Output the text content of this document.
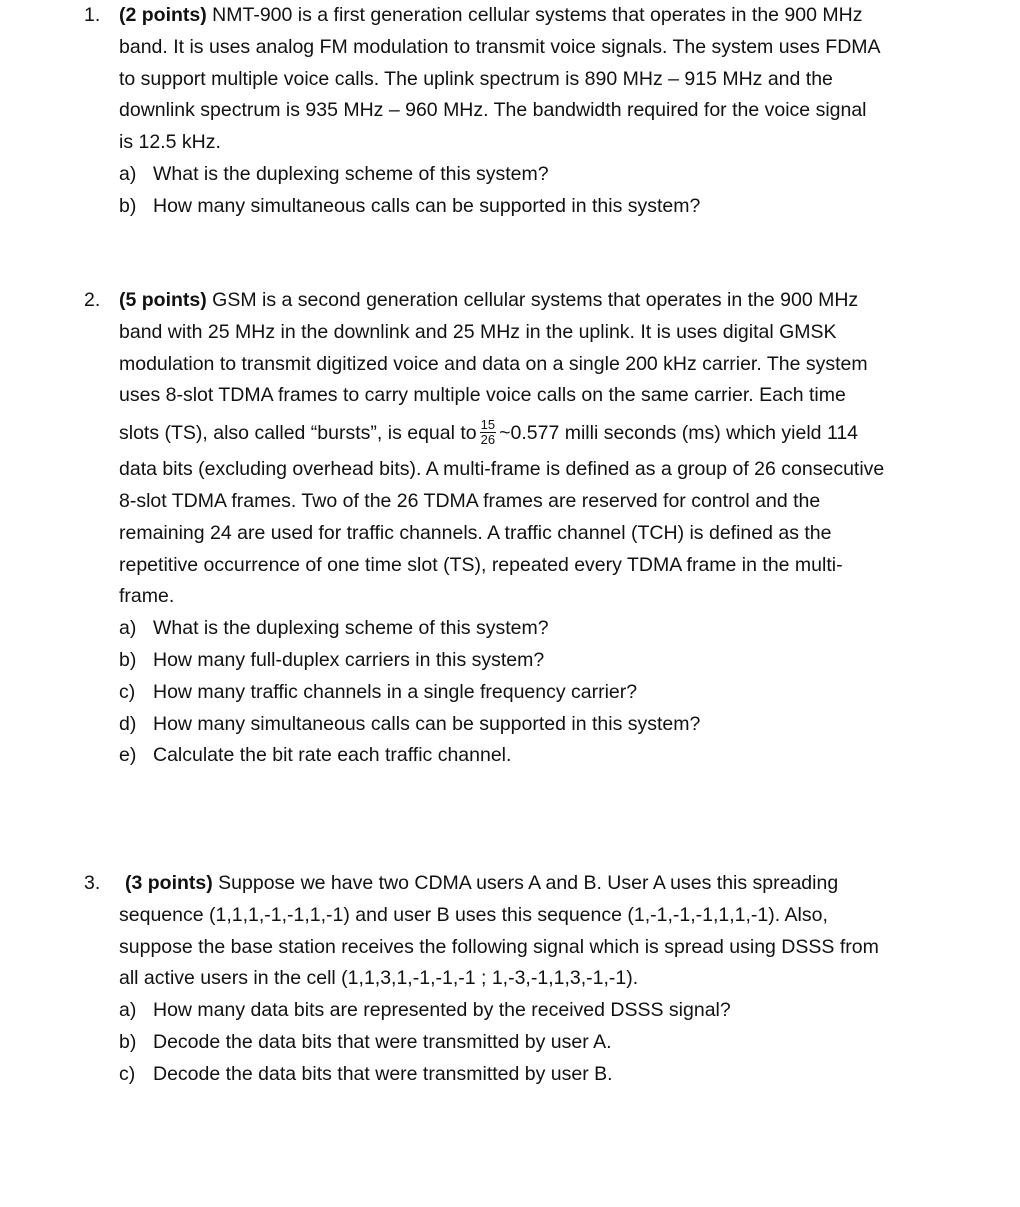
1. (2 points) NMT-900 is a first generation cellular systems that operates in the 900 MHz
band. It is uses analog FM modulation to transmit voice signals. The system uses FDMA
to support multiple voice calls. The uplink spectrum is 890 MHz – 915 MHz and the
downlink spectrum is 935 MHz – 960 MHz. The bandwidth required for the voice signal
is 12.5 kHz.
a) What is the duplexing scheme of this system?
b) How many simultaneous calls can be supported in this system?
2. (5 points) GSM is a second generation cellular systems that operates in the 900 MHz
band with 25 MHz in the downlink and 25 MHz in the uplink. It is uses digital GMSK
modulation to transmit digitized voice and data on a single 200 kHz carrier. The system
uses 8-slot TDMA frames to carry multiple voice calls on the same carrier. Each time
slots (TS), also called “bursts”, is equal to $\frac{15}{26}$ ~0.577 milli seconds (ms) which yield 114
data bits (excluding overhead bits). A multi-frame is defined as a group of 26 consecutive
8-slot TDMA frames. Two of the 26 TDMA frames are reserved for control and the
remaining 24 are used for traffic channels. A traffic channel (TCH) is defined as the
repetitive occurrence of one time slot (TS), repeated every TDMA frame in the multi-
frame.
a) What is the duplexing scheme of this system?
b) How many full-duplex carriers in this system?
c) How many traffic channels in a single frequency carrier?
d) How many simultaneous calls can be supported in this system?
e) Calculate the bit rate each traffic channel.
3.	(3 points) Suppose we have two CDMA users A and B. User A uses this spreading
sequence (1,1,1,-1,-1,1,-1) and user B uses this sequence (1,-1,-1,-1,1,1,-1). Also,
suppose the base station receives the following signal which is spread using DSSS from
all active users in the cell (1,1,3,1,-1,-1,-1 ; 1,-3,-1,1,3,-1,-1).
a) How many data bits are represented by the received DSSS signal?
b) Decode the data bits that were transmitted by user A.
c) Decode the data bits that were transmitted by user B.
